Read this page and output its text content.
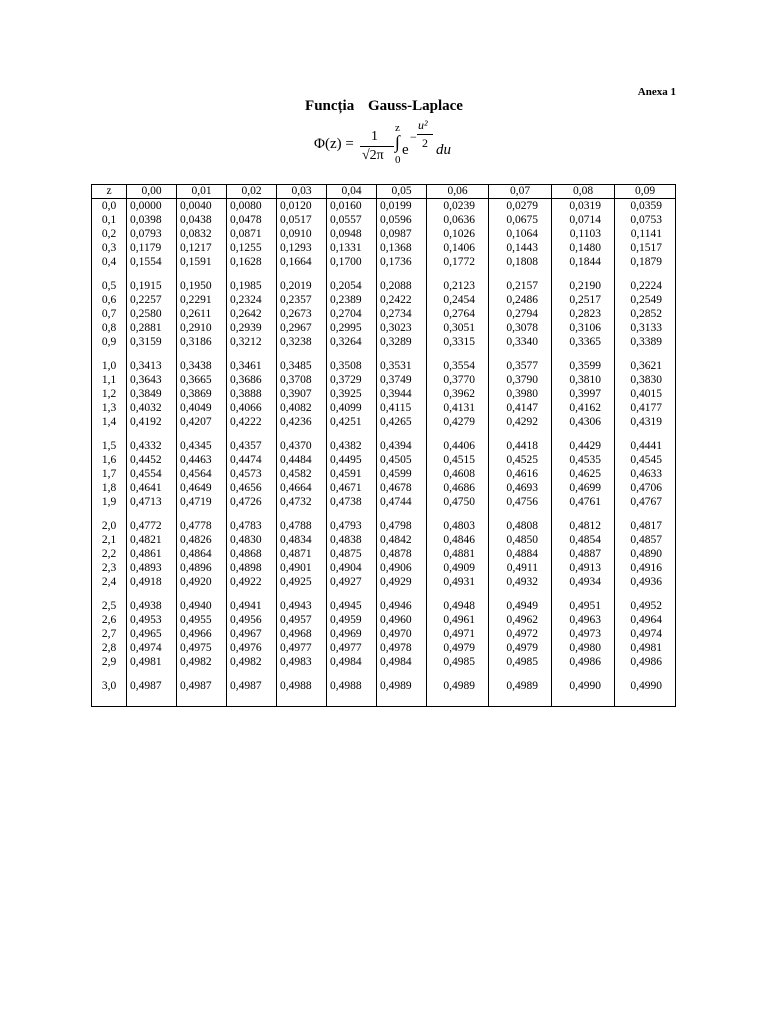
Anexa 1
Funcția Gauss-Laplace
Φ(z) = 1
√2π
z
∫
0
e
−
u²
2 du
z	0,00	0,01	0,02	0,03	0,04	0,05	0,06	0,07	0,08	0,09
0,0	0,0000	0,0040	0,0080	0,0120	0,0160	0,0199	0,0239	0,0279	0,0319	0,0359
0,1	0,0398	0,0438	0,0478	0,0517	0,0557	0,0596	0,0636	0,0675	0,0714	0,0753
0,2	0,0793	0,0832	0,0871	0,0910	0,0948	0,0987	0,1026	0,1064	0,1103	0,1141
0,3	0,1179	0,1217	0,1255	0,1293	0,1331	0,1368	0,1406	0,1443	0,1480	0,1517
0,4	0,1554	0,1591	0,1628	0,1664	0,1700	0,1736	0,1772	0,1808	0,1844	0,1879
0,5	0,1915	0,1950	0,1985	0,2019	0,2054	0,2088	0,2123	0,2157	0,2190	0,2224
0,6	0,2257	0,2291	0,2324	0,2357	0,2389	0,2422	0,2454	0,2486	0,2517	0,2549
0,7	0,2580	0,2611	0,2642	0,2673	0,2704	0,2734	0,2764	0,2794	0,2823	0,2852
0,8	0,2881	0,2910	0,2939	0,2967	0,2995	0,3023	0,3051	0,3078	0,3106	0,3133
0,9	0,3159	0,3186	0,3212	0,3238	0,3264	0,3289	0,3315	0,3340	0,3365	0,3389
1,0	0,3413	0,3438	0,3461	0,3485	0,3508	0,3531	0,3554	0,3577	0,3599	0,3621
1,1	0,3643	0,3665	0,3686	0,3708	0,3729	0,3749	0,3770	0,3790	0,3810	0,3830
1,2	0,3849	0,3869	0,3888	0,3907	0,3925	0,3944	0,3962	0,3980	0,3997	0,4015
1,3	0,4032	0,4049	0,4066	0,4082	0,4099	0,4115	0,4131	0,4147	0,4162	0,4177
1,4	0,4192	0,4207	0,4222	0,4236	0,4251	0,4265	0,4279	0,4292	0,4306	0,4319
1,5	0,4332	0,4345	0,4357	0,4370	0,4382	0,4394	0,4406	0,4418	0,4429	0,4441
1,6	0,4452	0,4463	0,4474	0,4484	0,4495	0,4505	0,4515	0,4525	0,4535	0,4545
1,7	0,4554	0,4564	0,4573	0,4582	0,4591	0,4599	0,4608	0,4616	0,4625	0,4633
1,8	0,4641	0,4649	0,4656	0,4664	0,4671	0,4678	0,4686	0,4693	0,4699	0,4706
1,9	0,4713	0,4719	0,4726	0,4732	0,4738	0,4744	0,4750	0,4756	0,4761	0,4767
2,0	0,4772	0,4778	0,4783	0,4788	0,4793	0,4798	0,4803	0,4808	0,4812	0,4817
2,1	0,4821	0,4826	0,4830	0,4834	0,4838	0,4842	0,4846	0,4850	0,4854	0,4857
2,2	0,4861	0,4864	0,4868	0,4871	0,4875	0,4878	0,4881	0,4884	0,4887	0,4890
2,3	0,4893	0,4896	0,4898	0,4901	0,4904	0,4906	0,4909	0,4911	0,4913	0,4916
2,4	0,4918	0,4920	0,4922	0,4925	0,4927	0,4929	0,4931	0,4932	0,4934	0,4936
2,5	0,4938	0,4940	0,4941	0,4943	0,4945	0,4946	0,4948	0,4949	0,4951	0,4952
2,6	0,4953	0,4955	0,4956	0,4957	0,4959	0,4960	0,4961	0,4962	0,4963	0,4964
2,7	0,4965	0,4966	0,4967	0,4968	0,4969	0,4970	0,4971	0,4972	0,4973	0,4974
2,8	0,4974	0,4975	0,4976	0,4977	0,4977	0,4978	0,4979	0,4979	0,4980	0,4981
2,9	0,4981	0,4982	0,4982	0,4983	0,4984	0,4984	0,4985	0,4985	0,4986	0,4986
3,0	0,4987	0,4987	0,4987	0,4988	0,4988	0,4989	0,4989	0,4989	0,4990	0,4990
